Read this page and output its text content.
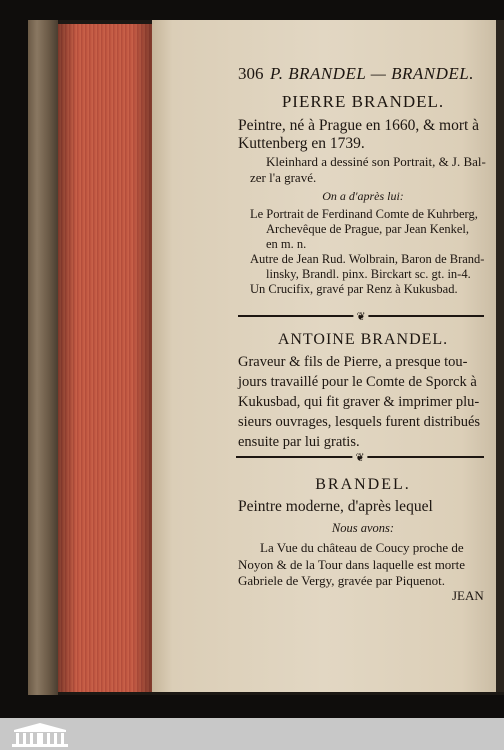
306 P. BRANDEL — BRANDEL.
PIERRE BRANDEL.
Peintre, né à Prague en 1660, & mort à
Kuttenberg en 1739.
Kleinhard a dessiné son Portrait, & J. Bal-
zer l'a gravé.
On a d'après lui:
Le Portrait de Ferdinand Comte de Kuhrberg,
Archevêque de Prague, par Jean Kenkel,
en m. n.
Autre de Jean Rud. Wolbrain, Baron de Brand-
linsky, Brandl. pinx. Birckart sc. gt. in-4.
Un Crucifix, gravé par Renz à Kukusbad.
❦
ANTOINE BRANDEL.
Graveur & fils de Pierre, a presque tou-
jours travaillé pour le Comte de Sporck à
Kukusbad, qui fit graver & imprimer plu-
sieurs ouvrages, lesquels furent distribués
ensuite par lui gratis.
❦
BRANDEL.
Peintre moderne, d'après lequel
Nous avons:
La Vue du château de Coucy proche de
Noyon & de la Tour dans laquelle est morte
Gabriele de Vergy, gravée par Piquenot.
JEAN
